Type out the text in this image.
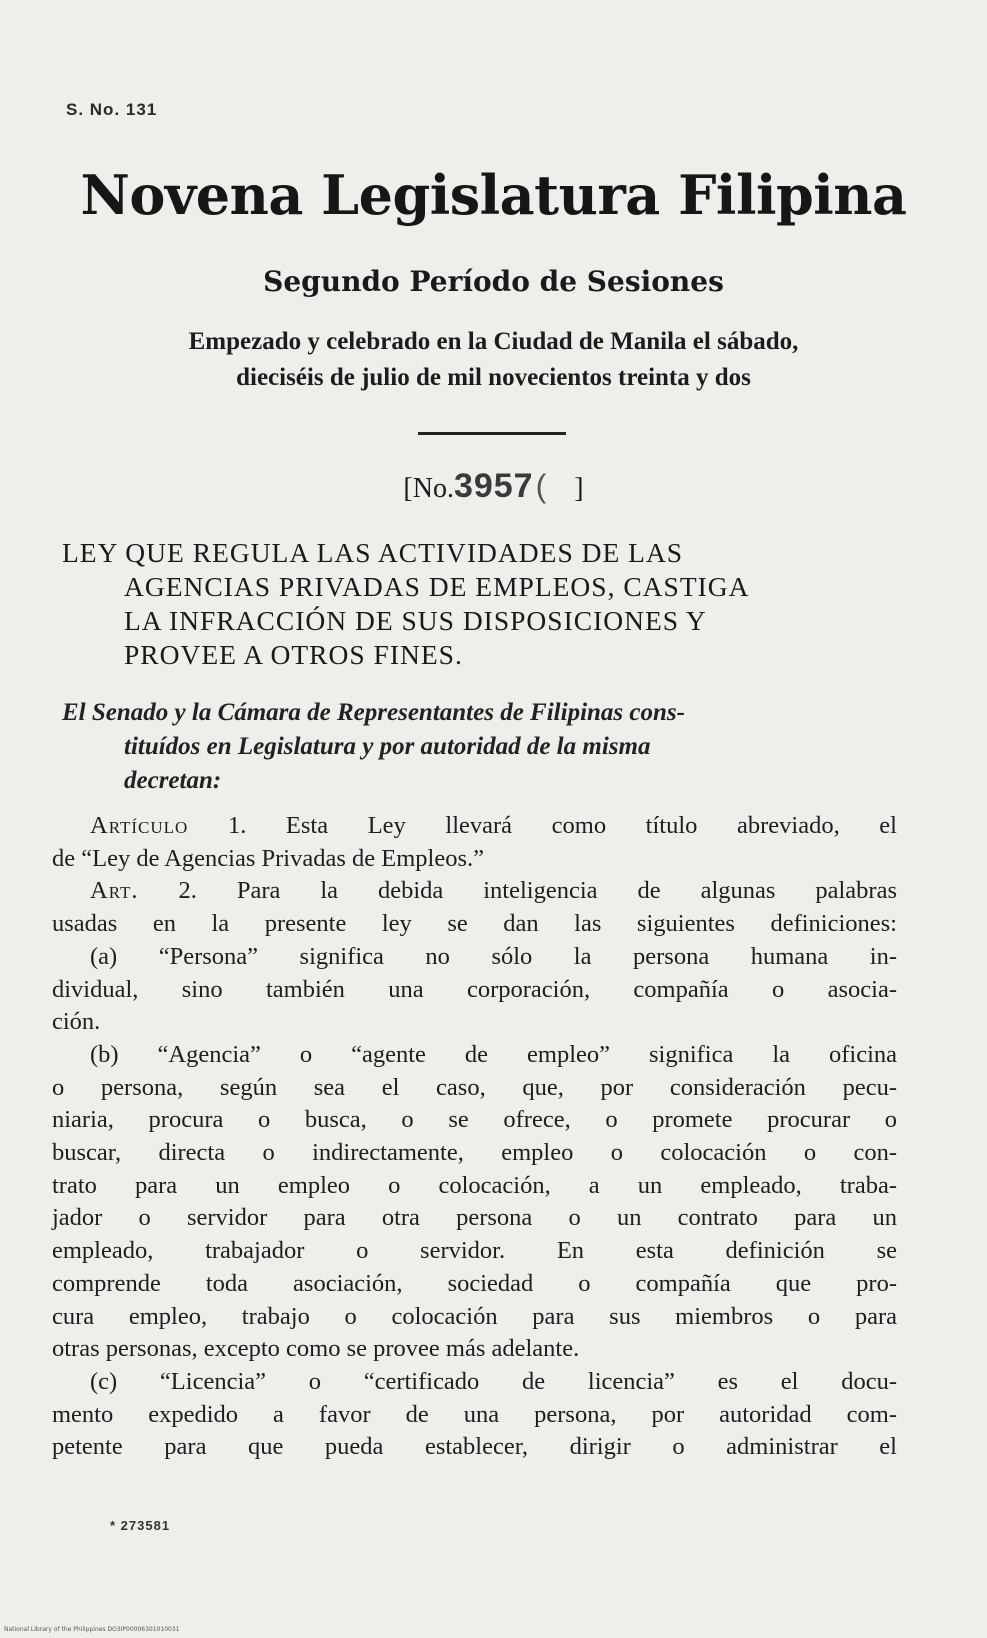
S. No. 131
Novena Legislatura Filipina
Segundo Período de Sesiones
Empezado y celebrado en la Ciudad de Manila el sábado,
dieciséis de julio de mil novecientos treinta y dos
[No.3957( ]
LEY QUE REGULA LAS ACTIVIDADES DE LAS
AGENCIAS PRIVADAS DE EMPLEOS, CASTIGA
LA INFRACCIÓN DE SUS DISPOSICIONES Y
PROVEE A OTROS FINES.
El Senado y la Cámara de Representantes de Filipinas cons-
tituídos en Legislatura y por autoridad de la misma
decretan:
Artículo 1. Esta Ley llevará como título abreviado, el
de “Ley de Agencias Privadas de Empleos.”
Art. 2. Para la debida inteligencia de algunas palabras
usadas en la presente ley se dan las siguientes definiciones:
(a) “Persona” significa no sólo la persona humana in-
dividual, sino también una corporación, compañía o asocia-
ción.
(b) “Agencia” o “agente de empleo” significa la oficina
o persona, según sea el caso, que, por consideración pecu-
niaria, procura o busca, o se ofrece, o promete procurar o
buscar, directa o indirectamente, empleo o colocación o con-
trato para un empleo o colocación, a un empleado, traba-
jador o servidor para otra persona o un contrato para un
empleado, trabajador o servidor. En esta definición se
comprende toda asociación, sociedad o compañía que pro-
cura empleo, trabajo o colocación para sus miembros o para
otras personas, excepto como se provee más adelante.
(c) “Licencia” o “certificado de licencia” es el docu-
mento expedido a favor de una persona, por autoridad com-
petente para que pueda establecer, dirigir o administrar el
* 273581
National Library of the Philippines DO3IP00006301010031
